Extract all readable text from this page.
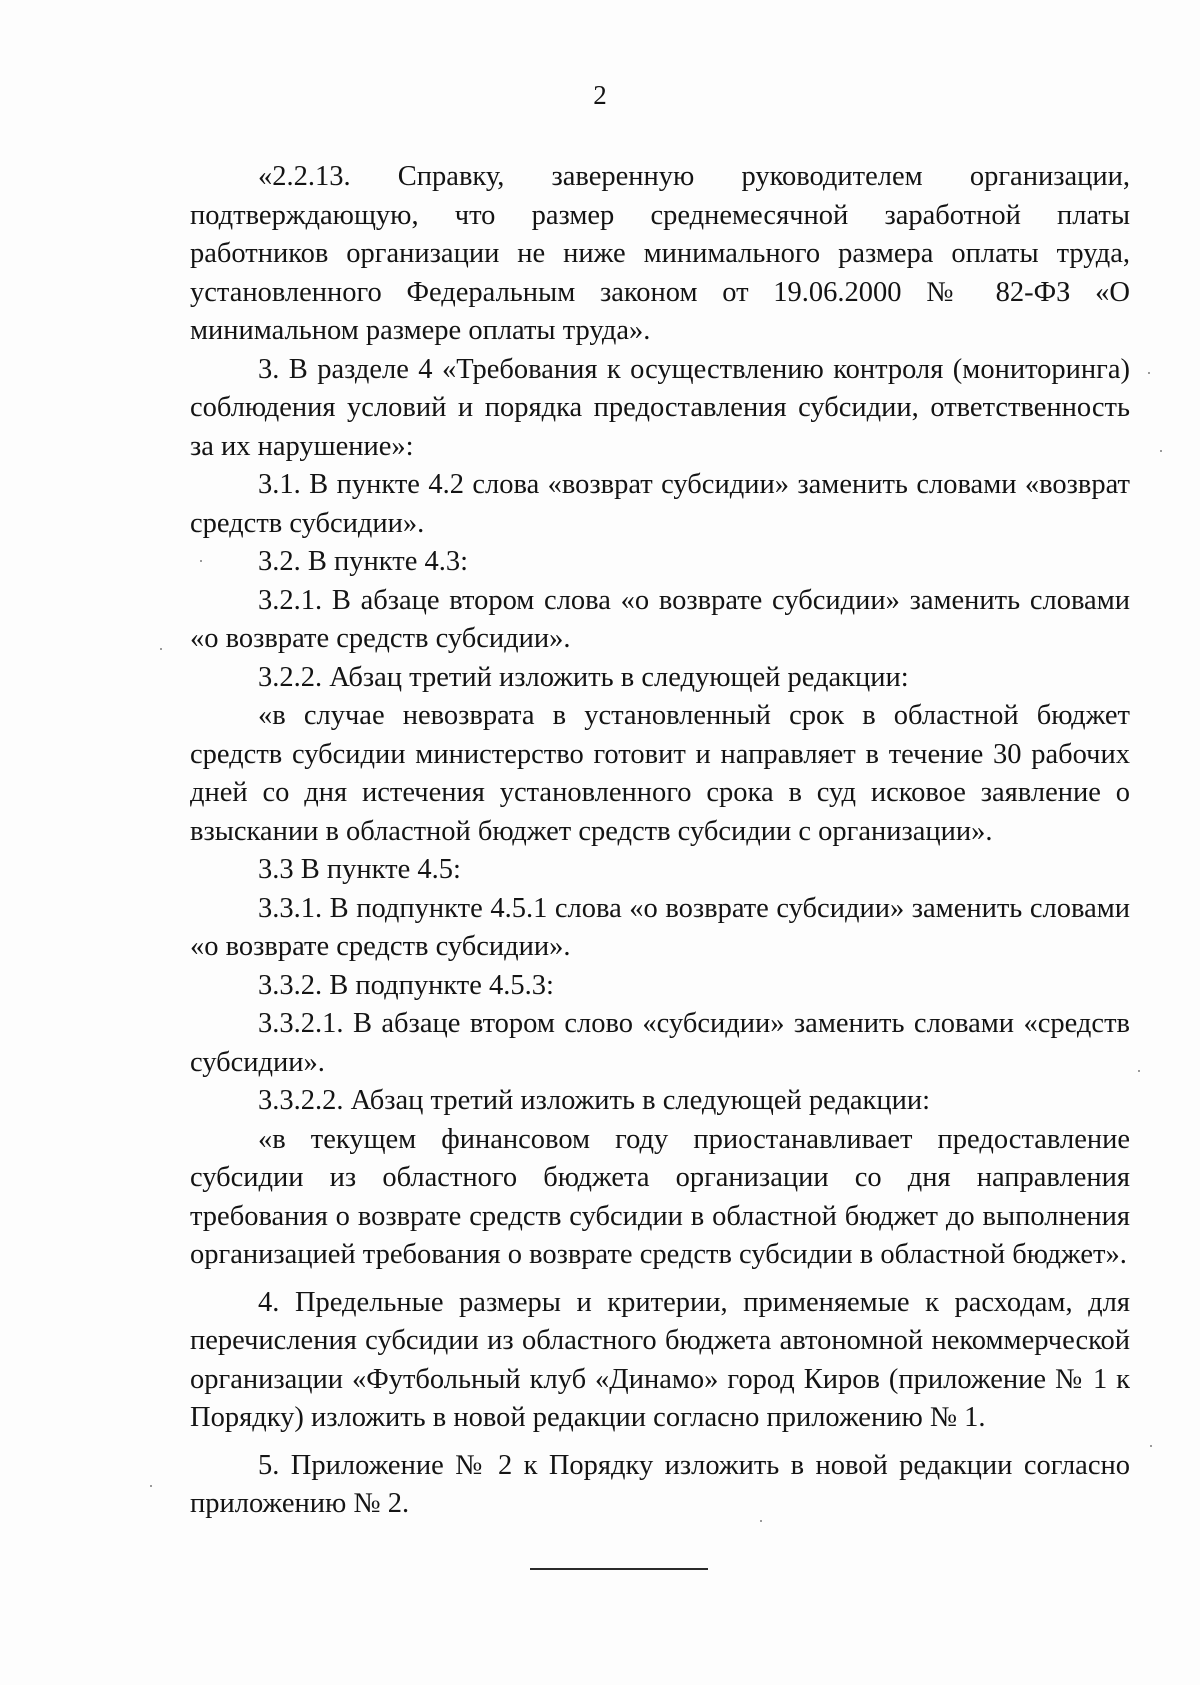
2

«2.2.13. Справку, заверенную руководителем организации, подтверждающую, что размер среднемесячной заработной платы работников организации не ниже минимального размера оплаты труда, установленного Федеральным законом от 19.06.2000 № 82-ФЗ «О минимальном размере оплаты труда».

3. В разделе 4 «Требования к осуществлению контроля (мониторинга) соблюдения условий и порядка предоставления субсидии, ответственность за их нарушение»:

3.1. В пункте 4.2 слова «возврат субсидии» заменить словами «возврат средств субсидии».

3.2. В пункте 4.3:

3.2.1. В абзаце втором слова «о возврате субсидии» заменить словами «о возврате средств субсидии».

3.2.2. Абзац третий изложить в следующей редакции:

«в случае невозврата в установленный срок в областной бюджет средств субсидии министерство готовит и направляет в течение 30 рабочих дней со дня истечения установленного срока в суд исковое заявление о взыскании в областной бюджет средств субсидии с организации».

3.3 В пункте 4.5:

3.3.1. В подпункте 4.5.1 слова «о возврате субсидии» заменить словами «о возврате средств субсидии».

3.3.2. В подпункте 4.5.3:

3.3.2.1. В абзаце втором слово «субсидии» заменить словами «средств субсидии».

3.3.2.2. Абзац третий изложить в следующей редакции:

«в текущем финансовом году приостанавливает предоставление субсидии из областного бюджета организации со дня направления требования о возврате средств субсидии в областной бюджет до выполнения организацией требования о возврате средств субсидии в областной бюджет».

4. Предельные размеры и критерии, применяемые к расходам, для перечисления субсидии из областного бюджета автономной некоммерческой организации «Футбольный клуб «Динамо» город Киров (приложение № 1 к Порядку) изложить в новой редакции согласно приложению № 1.

5. Приложение № 2 к Порядку изложить в новой редакции согласно приложению № 2.
